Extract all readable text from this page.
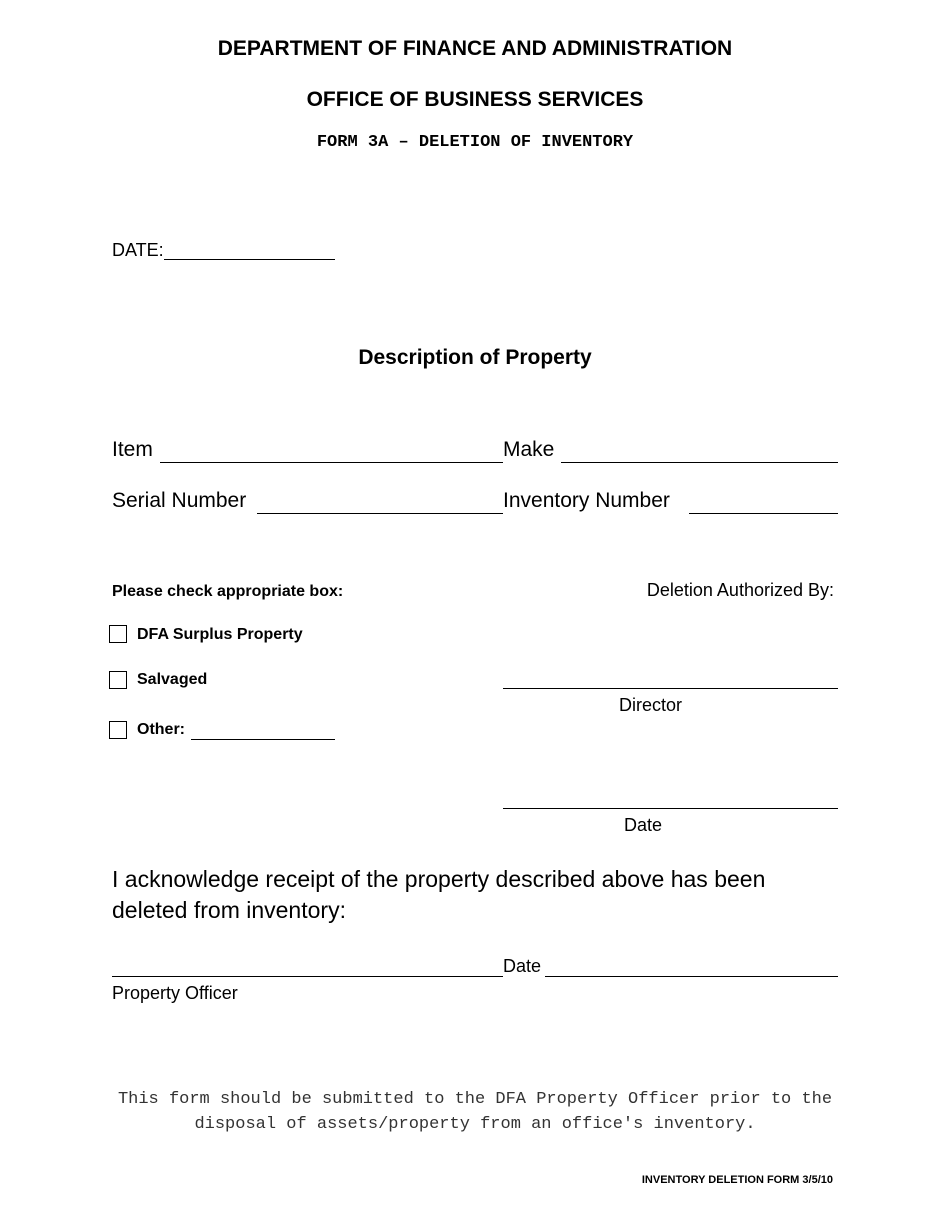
DEPARTMENT OF FINANCE AND ADMINISTRATION
OFFICE OF BUSINESS SERVICES
FORM 3A – DELETION OF INVENTORY
DATE:
Description of Property
Item	Make
Serial Number	Inventory Number
Please check appropriate box:
DFA Surplus Property
Salvaged
Other:
Deletion Authorized By:
Director
Date
I acknowledge receipt of the property described above has been deleted from inventory:
Date
Property Officer
This form should be submitted to the DFA Property Officer prior to the disposal of assets/property from an office's inventory.
INVENTORY DELETION FORM 3/5/10
